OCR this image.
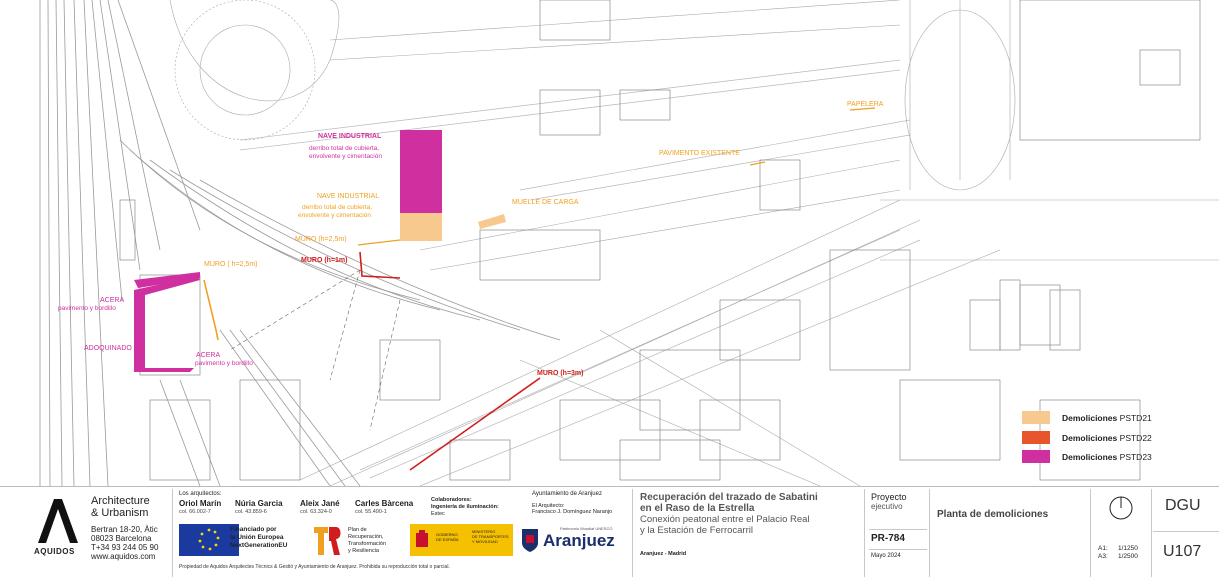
NAVE INDUSTRIAL
derribo total de cubierta,
envolvente y cimentación
NAVE INDUSTRIAL
derribo total de cubierta,
envolvente y cimentación
PAPELERA
PAVIMENTO EXISTENTE
MUELLE DE CARGA
MURO (h=2,5m)
MURO (h=1m)
MURO ( h=2,5m)
ACERA
pavimento y bordillo
ADOQUINADO
ACERA
pavimento y bordillo
MURO (h=3m)
Demoliciones PSTD21
Demoliciones PSTD22
Demoliciones PSTD23
AQUIDOS
Architecture
& Urbanism
Bertran 18-20, Àtic
08023 Barcelona
T+34 93 244 05 90
www.aquidos.com
Los arquitectos:
Oriol Marín
col. 66.002-7
Núria Garcia
col. 43.859-6
Aleix Jané
col. 63.324-0
Carles Bàrcena
col. 55.490-1
Colaboradores:
Ingeniería de iluminación:
Estec
Ayuntamiento de Aranjuez
El Arquitecto:
Francisco J. Domínguez Naranjo
Financiado por
la Unión Europea
NextGenerationEU
Plan de
Recuperación,
Transformación
y Resiliencia
GOBIERNO
DE ESPAÑA
MINISTERIO
DE TRANSPORTES
Y MOVILIDAD
Patrimonio Mundial UNESCO
Aranjuez
Propiedad de Aquidos Arquitectes Tècnics & Gestió y Ayuntamiento de Aranjuez. Prohibida su reproducción total o parcial.
Recuperación del trazado de Sabatini
en el Raso de la Estrella
Conexión peatonal entre el Palacio Real
y la Estación de Ferrocarril
Aranjuez - Madrid
Proyecto
ejecutivo
PR-784
Mayo 2024
Planta de demoliciones
A1: 1/1250
A3: 1/2500
DGU
U107
